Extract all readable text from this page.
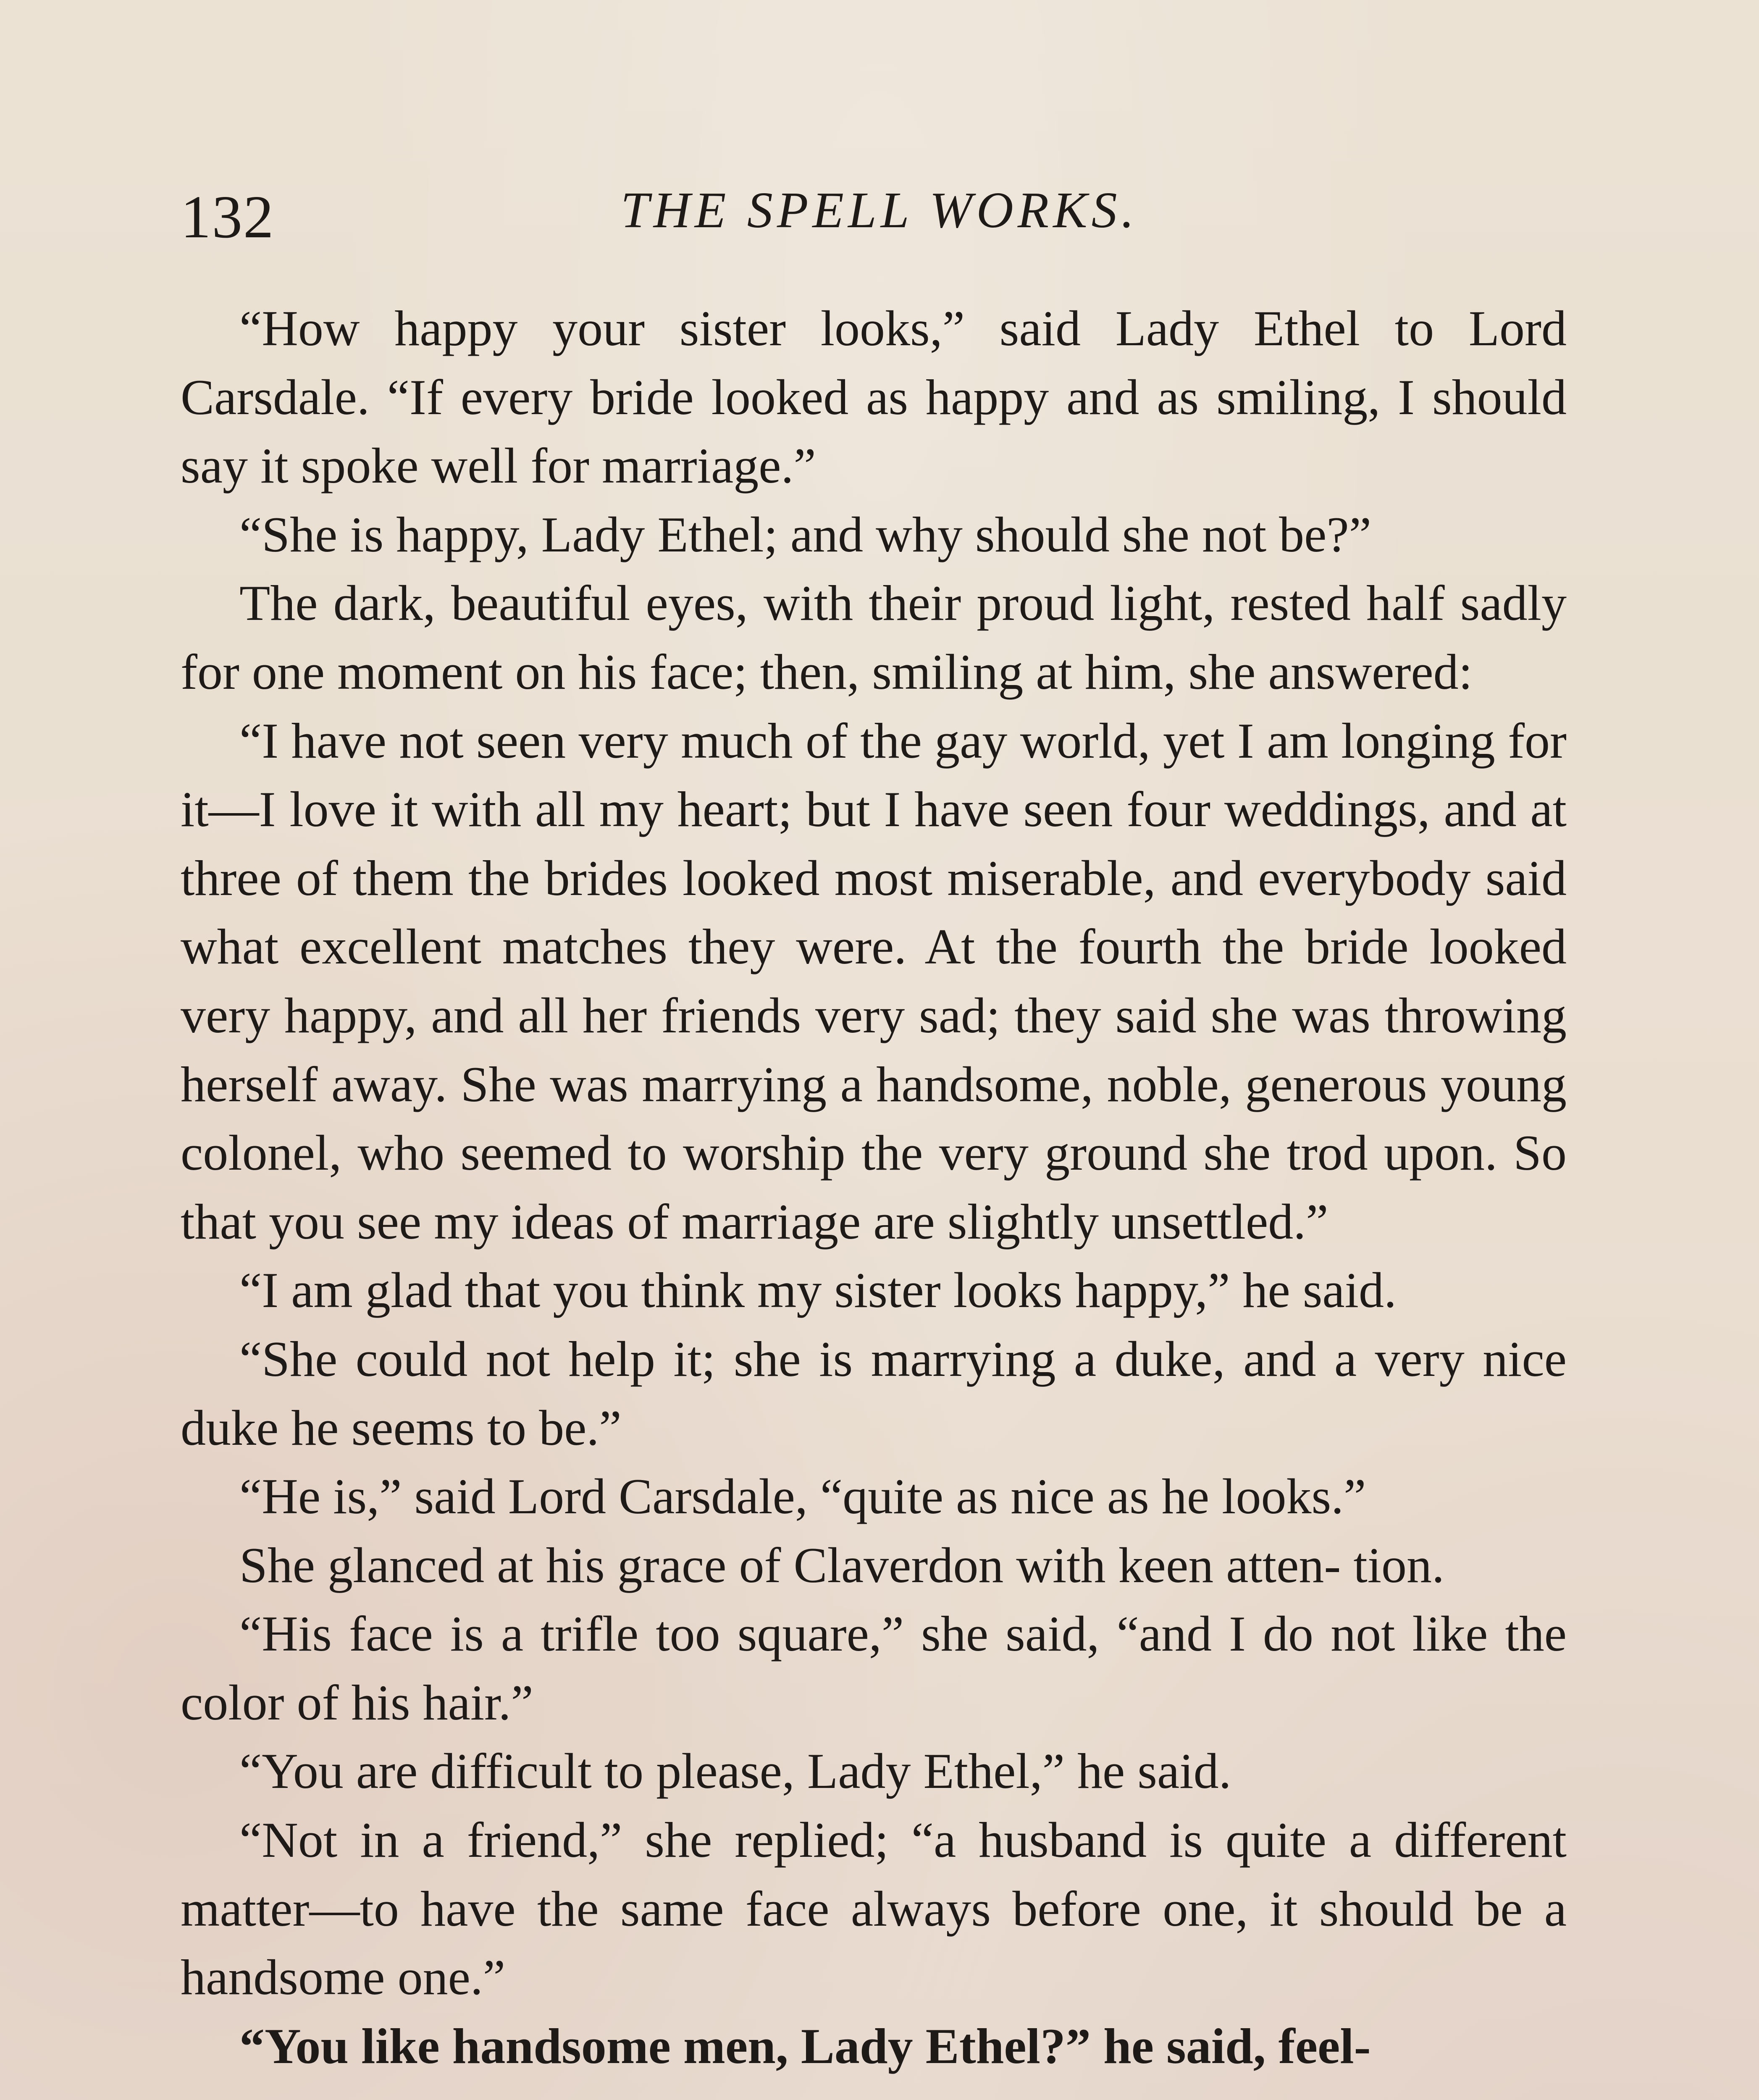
132	THE SPELL WORKS.

“How happy your sister looks,” said Lady Ethel to Lord Carsdale. “If every bride looked as happy and as smiling, I should say it spoke well for marriage.”

“She is happy, Lady Ethel; and why should she not be?”

The dark, beautiful eyes, with their proud light, rested half sadly for one moment on his face; then, smiling at him, she answered:

“I have not seen very much of the gay world, yet I am longing for it—I love it with all my heart; but I have seen four weddings, and at three of them the brides looked most miserable, and everybody said what excellent matches they were. At the fourth the bride looked very happy, and all her friends very sad; they said she was throwing herself away. She was marrying a handsome, noble, generous young colonel, who seemed to worship the very ground she trod upon. So that you see my ideas of marriage are slightly unsettled.”

“I am glad that you think my sister looks happy,” he said.

“She could not help it; she is marrying a duke, and a very nice duke he seems to be.”

“He is,” said Lord Carsdale, “quite as nice as he looks.”

She glanced at his grace of Claverdon with keen atten- tion.

“His face is a trifle too square,” she said, “and I do not like the color of his hair.”

“You are difficult to please, Lady Ethel,” he said.

“Not in a friend,” she replied; “a husband is quite a different matter—to have the same face always before one, it should be a handsome one.”

“You like handsome men, Lady Ethel?” he said, feel-
